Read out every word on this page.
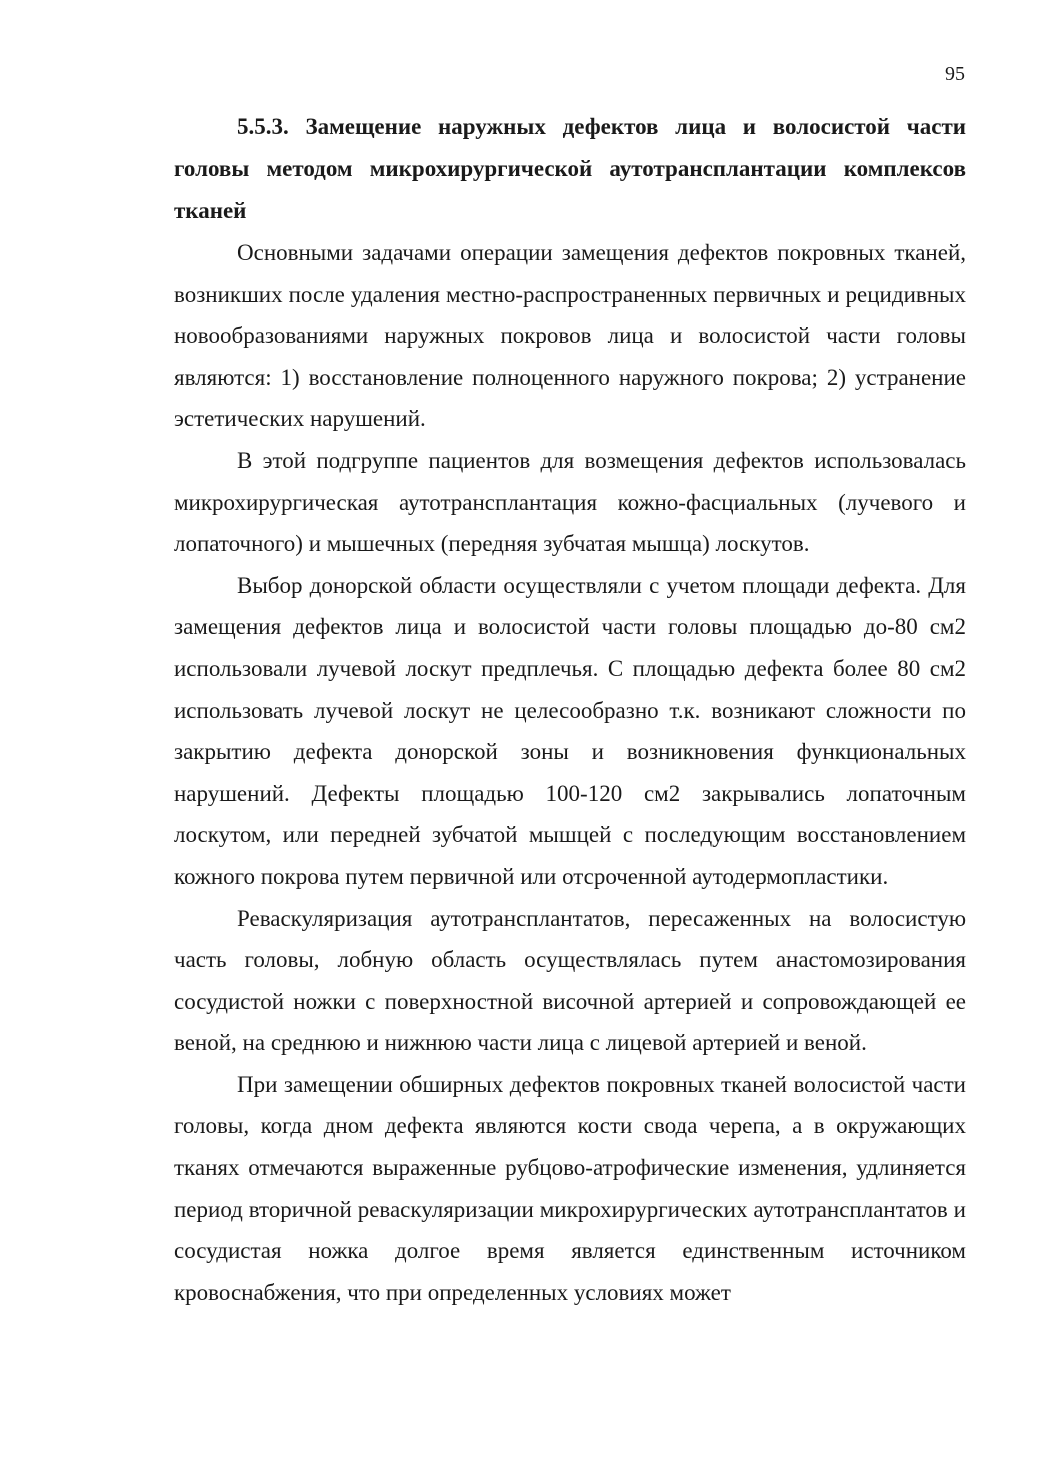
95
5.5.3. Замещение наружных дефектов лица и волосистой части головы методом микрохирургической аутотрансплантации комплексов тканей

Основными задачами операции замещения дефектов покровных тканей, возникших после удаления местно-распространенных первичных и рецидивных новообразованиями наружных покровов лица и волосистой части головы являются: 1) восстановление полноценного наружного покрова; 2) устранение эстетических нарушений.

В этой подгруппе пациентов для возмещения дефектов использовалась микрохирургическая аутотрансплантация кожно-фасциальных (лучевого и лопаточного) и мышечных (передняя зубчатая мышца) лоскутов.

Выбор донорской области осуществляли с учетом площади дефекта. Для замещения дефектов лица и волосистой части головы площадью до-80 см2 использовали лучевой лоскут предплечья. С площадью дефекта более 80 см2 использовать лучевой лоскут не целесообразно т.к. возникают сложности по закрытию дефекта донорской зоны и возникновения функциональных нарушений. Дефекты площадью 100-120 см2 закрывались лопаточным лоскутом, или передней зубчатой мышцей с последующим восстановлением кожного покрова путем первичной или отсроченной аутодермопластики.

Реваскуляризация аутотрансплантатов, пересаженных на волосистую часть головы, лобную область осуществлялась путем анастомозирования сосудистой ножки с поверхностной височной артерией и сопровождающей ее веной, на среднюю и нижнюю части лица с лицевой артерией и веной.

При замещении обширных дефектов покровных тканей волосистой части головы, когда дном дефекта являются кости свода черепа, а в окружающих тканях отмечаются выраженные рубцово-атрофические изменения, удлиняется период вторичной реваскуляризации микрохирургических аутотрансплантатов и сосудистая ножка долгое время является единственным источником кровоснабжения, что при определенных условиях может
